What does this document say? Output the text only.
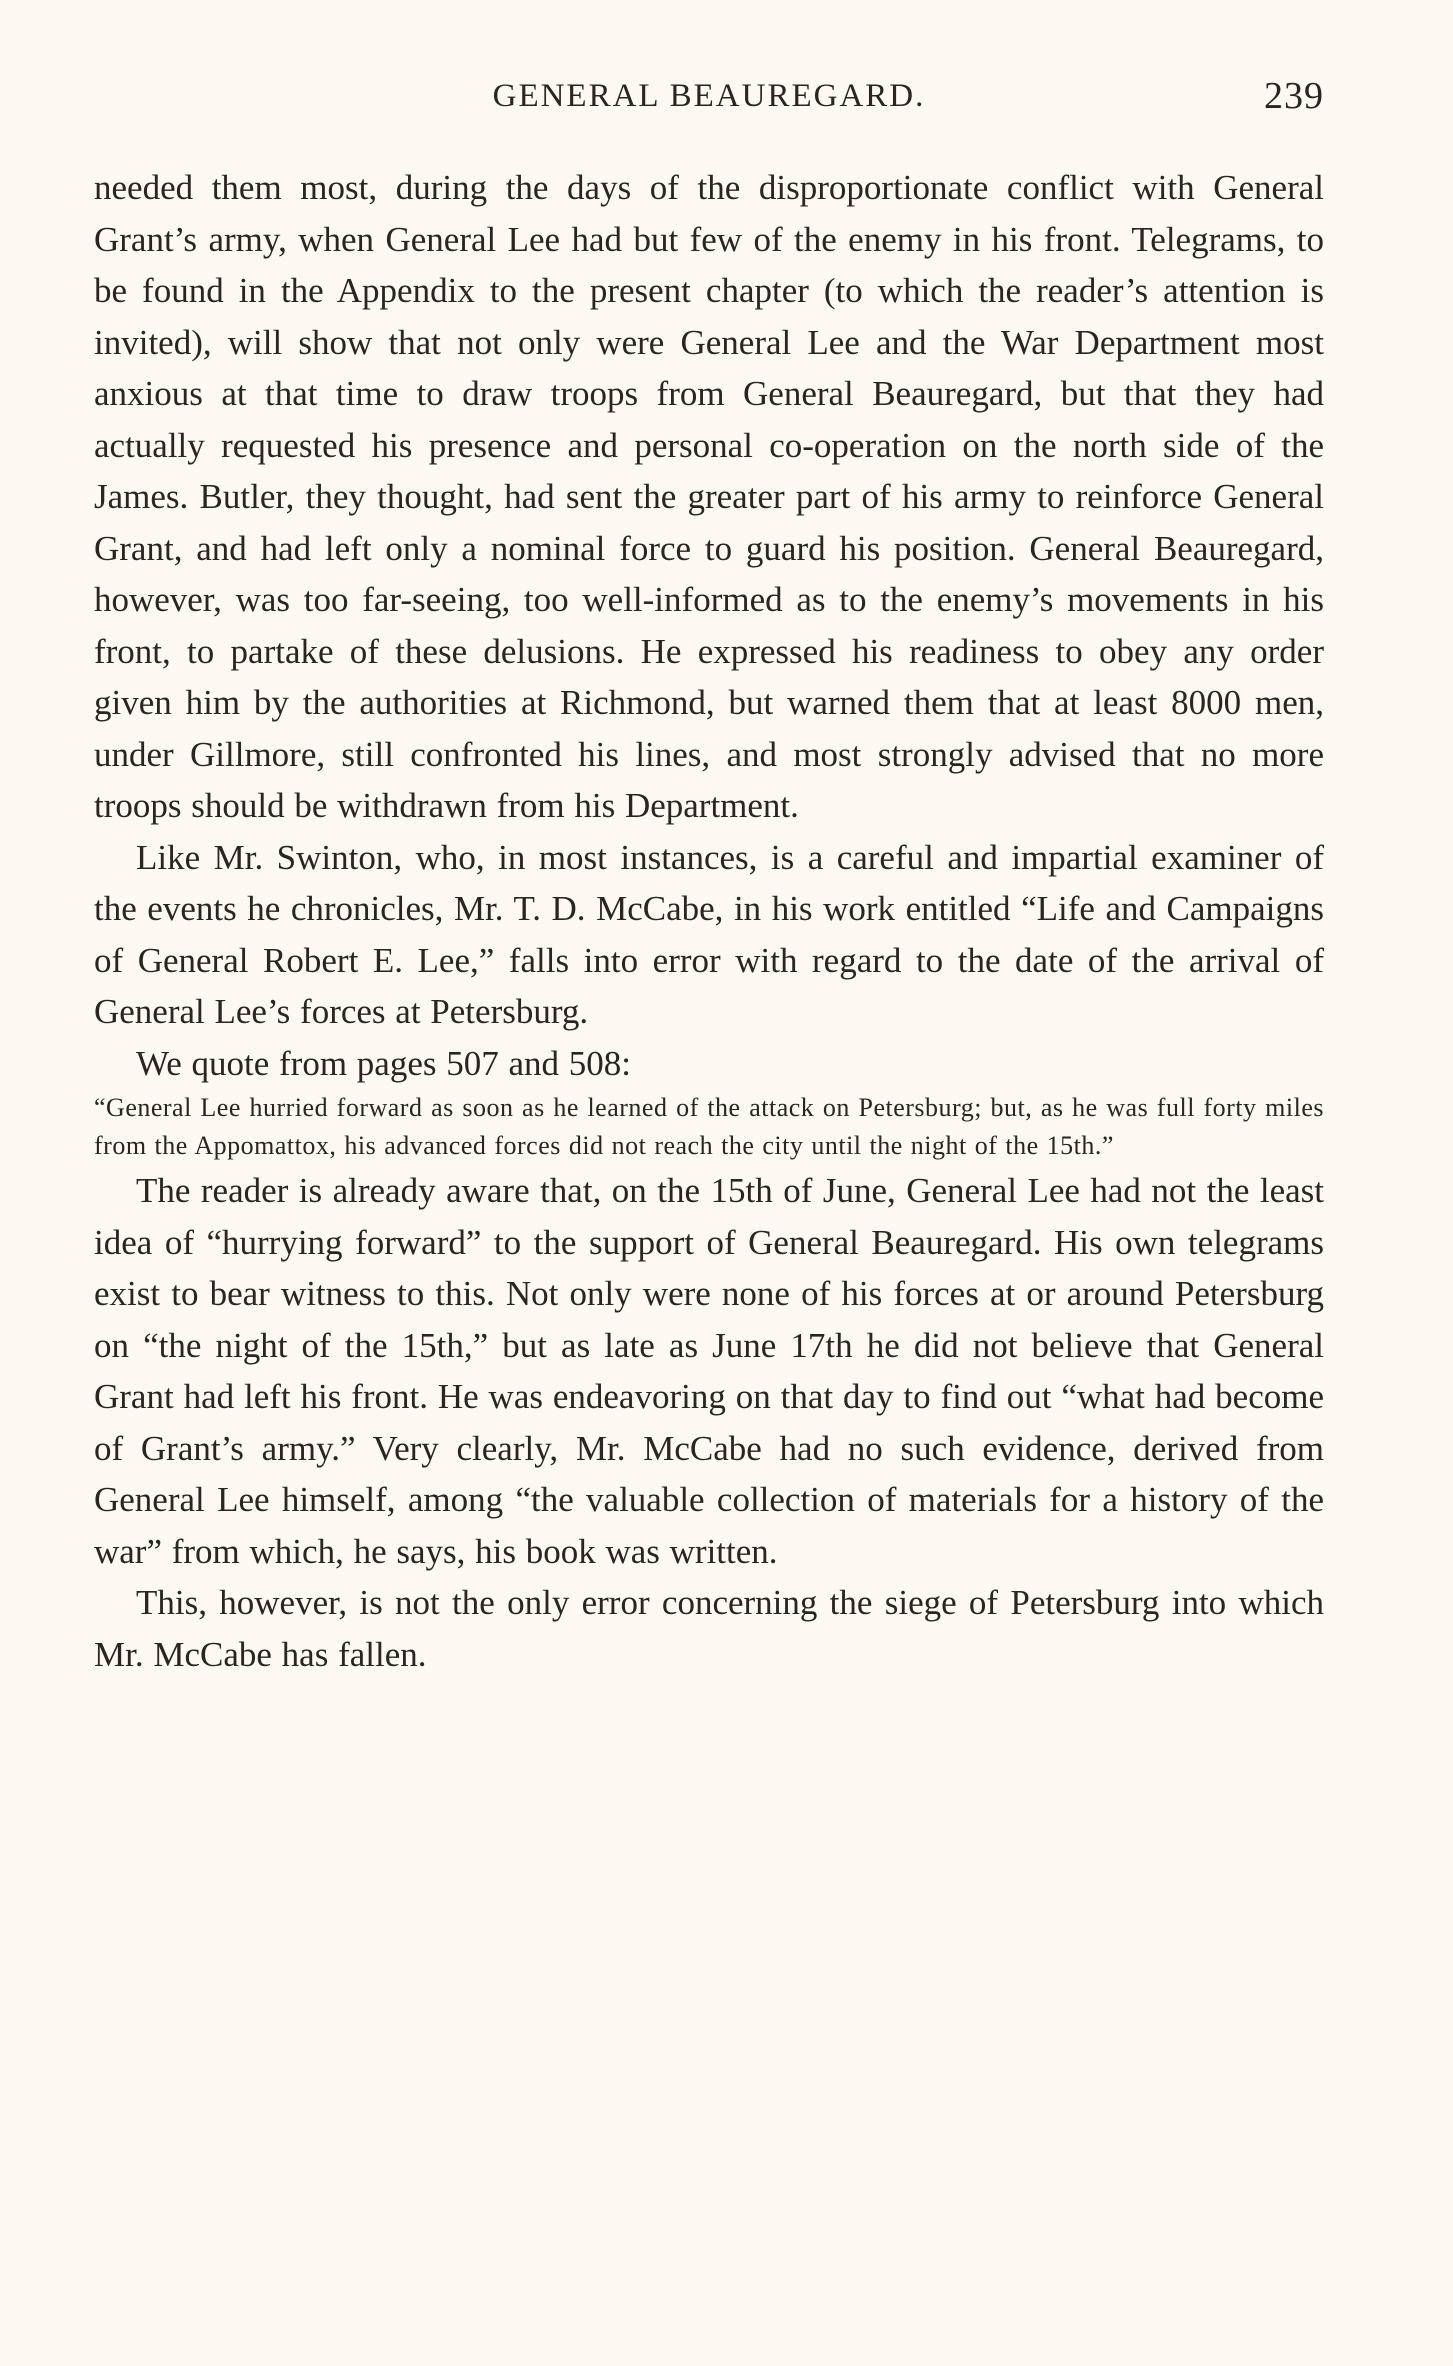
GENERAL BEAUREGARD.	239

needed them most, during the days of the disproportionate conflict with General Grant’s army, when General Lee had but few of the enemy in his front. Telegrams, to be found in the Appendix to the present chapter (to which the reader’s attention is invited), will show that not only were General Lee and the War Department most anxious at that time to draw troops from General Beauregard, but that they had actually requested his presence and personal co-operation on the north side of the James. Butler, they thought, had sent the greater part of his army to reinforce General Grant, and had left only a nominal force to guard his position. General Beauregard, however, was too far-seeing, too well-informed as to the enemy’s movements in his front, to partake of these delusions. He expressed his readiness to obey any order given him by the authorities at Richmond, but warned them that at least 8000 men, under Gillmore, still confronted his lines, and most strongly advised that no more troops should be withdrawn from his Department.

Like Mr. Swinton, who, in most instances, is a careful and impartial examiner of the events he chronicles, Mr. T. D. McCabe, in his work entitled “Life and Campaigns of General Robert E. Lee,” falls into error with regard to the date of the arrival of General Lee’s forces at Petersburg.

We quote from pages 507 and 508:

“General Lee hurried forward as soon as he learned of the attack on Petersburg; but, as he was full forty miles from the Appomattox, his advanced forces did not reach the city until the night of the 15th.”

The reader is already aware that, on the 15th of June, General Lee had not the least idea of “hurrying forward” to the support of General Beauregard. His own telegrams exist to bear witness to this. Not only were none of his forces at or around Petersburg on “the night of the 15th,” but as late as June 17th he did not believe that General Grant had left his front. He was endeavoring on that day to find out “what had become of Grant’s army.” Very clearly, Mr. McCabe had no such evidence, derived from General Lee himself, among “the valuable collection of materials for a history of the war” from which, he says, his book was written.

This, however, is not the only error concerning the siege of Petersburg into which Mr. McCabe has fallen.
